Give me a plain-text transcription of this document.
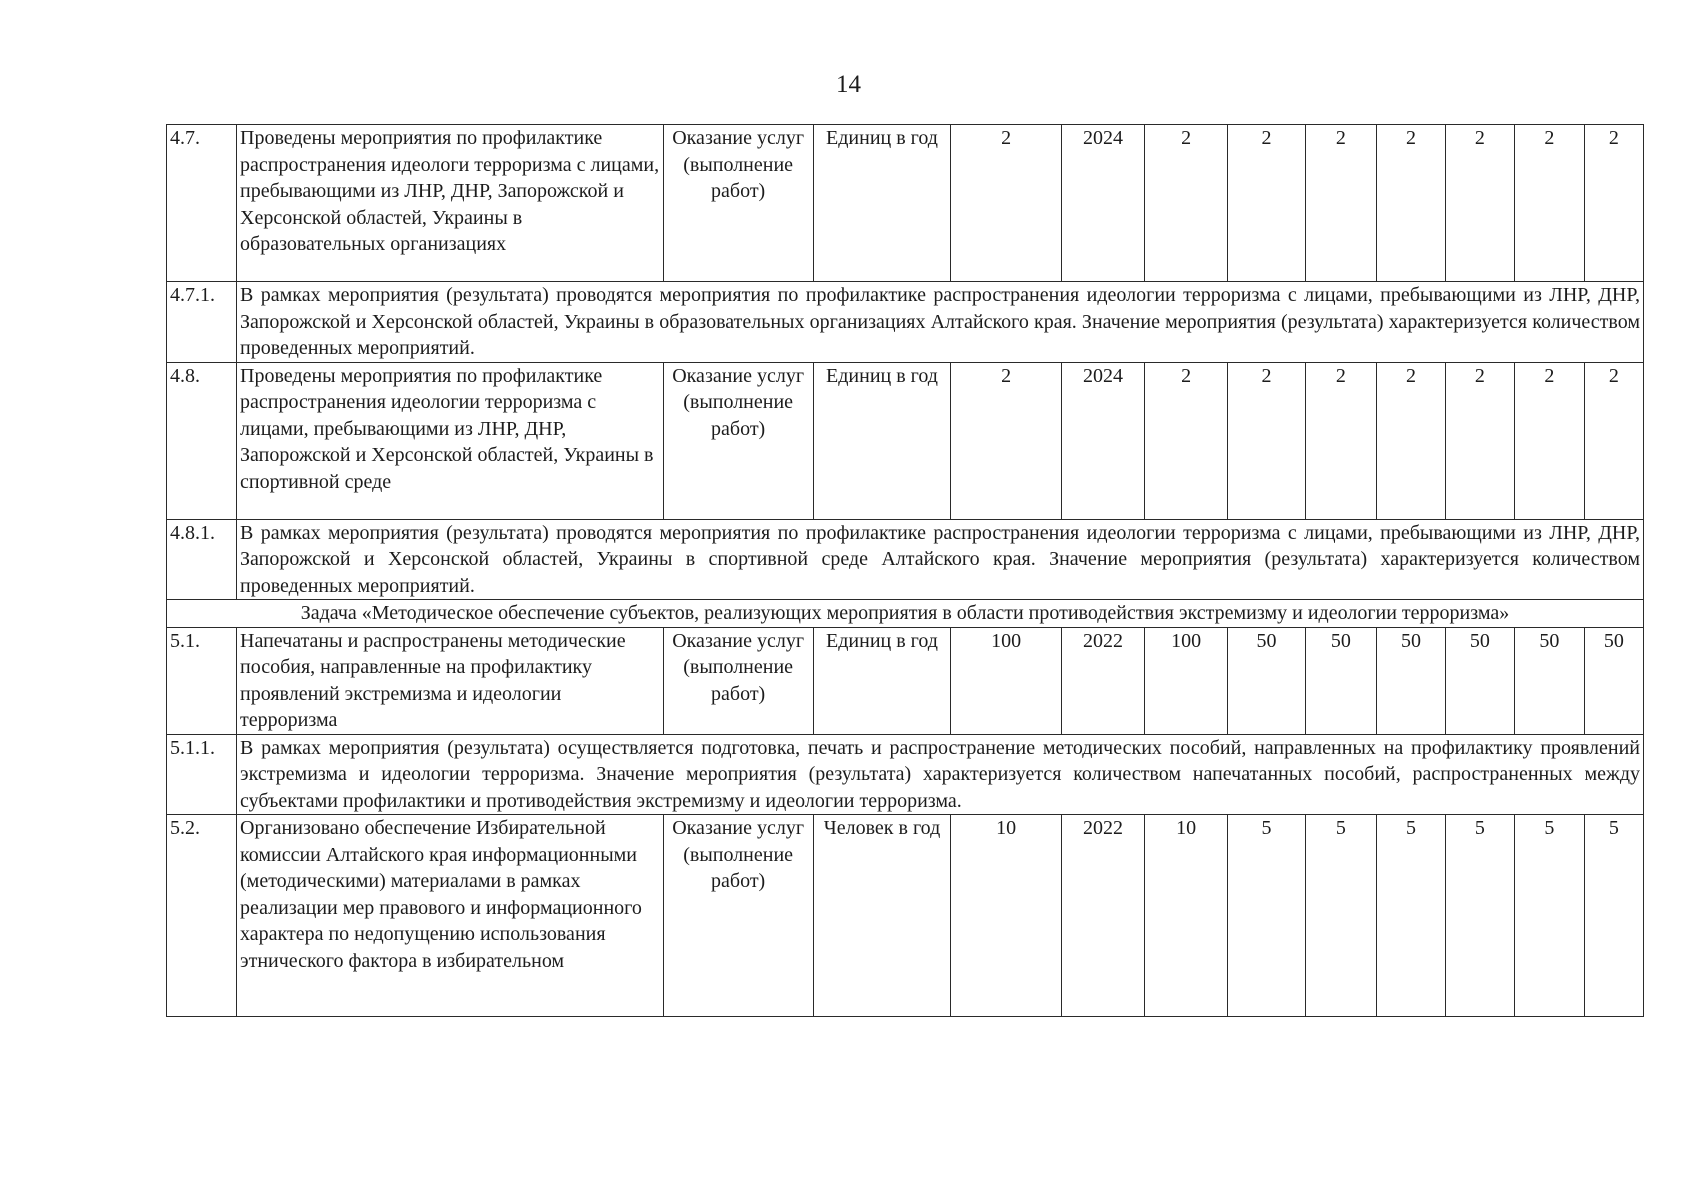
14
4.7.	Проведены мероприятия по профилактике распространения идеологи терроризма с лицами, пребывающими из ЛНР, ДНР, Запорожской и Херсонской областей, Украины в образовательных организациях	Оказание услуг (выполнение работ)	Единиц в год	2	2024	2	2	2	2	2	2	2
4.7.1.	В рамках мероприятия (результата) проводятся мероприятия по профилактике распространения идеологии терроризма с лицами, пребывающими из ЛНР, ДНР, Запорожской и Херсонской областей, Украины в образовательных организациях Алтайского края. Значение мероприятия (результата) характеризуется количеством проведенных мероприятий.											
4.8.	Проведены мероприятия по профилактике распространения идеологии терроризма с лицами, пребывающими из ЛНР, ДНР, Запорожской и Херсонской областей, Украины в спортивной среде	Оказание услуг (выполнение работ)	Единиц в год	2	2024	2	2	2	2	2	2	2
4.8.1.	В рамках мероприятия (результата) проводятся мероприятия по профилактике распространения идеологии терроризма с лицами, пребывающими из ЛНР, ДНР, Запорожской и Херсонской областей, Украины в спортивной среде Алтайского края. Значение мероприятия (результата) характеризуется количеством проведенных мероприятий.											
Задача «Методическое обеспечение субъектов, реализующих мероприятия в области противодействия экстремизму и идеологии терроризма»												
5.1.	Напечатаны и распространены методические пособия, направленные на профилактику проявлений экстремизма и идеологии терроризма	Оказание услуг (выполнение работ)	Единиц в год	100	2022	100	50	50	50	50	50	50
5.1.1.	В рамках мероприятия (результата) осуществляется подготовка, печать и распространение методических пособий, направленных на профилактику проявлений экстремизма и идеологии терроризма. Значение мероприятия (результата) характеризуется количеством напечатанных пособий, распространенных между субъектами профилактики и противодействия экстремизму и идеологии терроризма.											
5.2.	Организовано обеспечение Избирательной комиссии Алтайского края информационными (методическими) материалами в рамках реализации мер правового и информационного характера по недопущению использования этнического фактора в избирательном	Оказание услуг (выполнение работ)	Человек в год	10	2022	10	5	5	5	5	5	5
